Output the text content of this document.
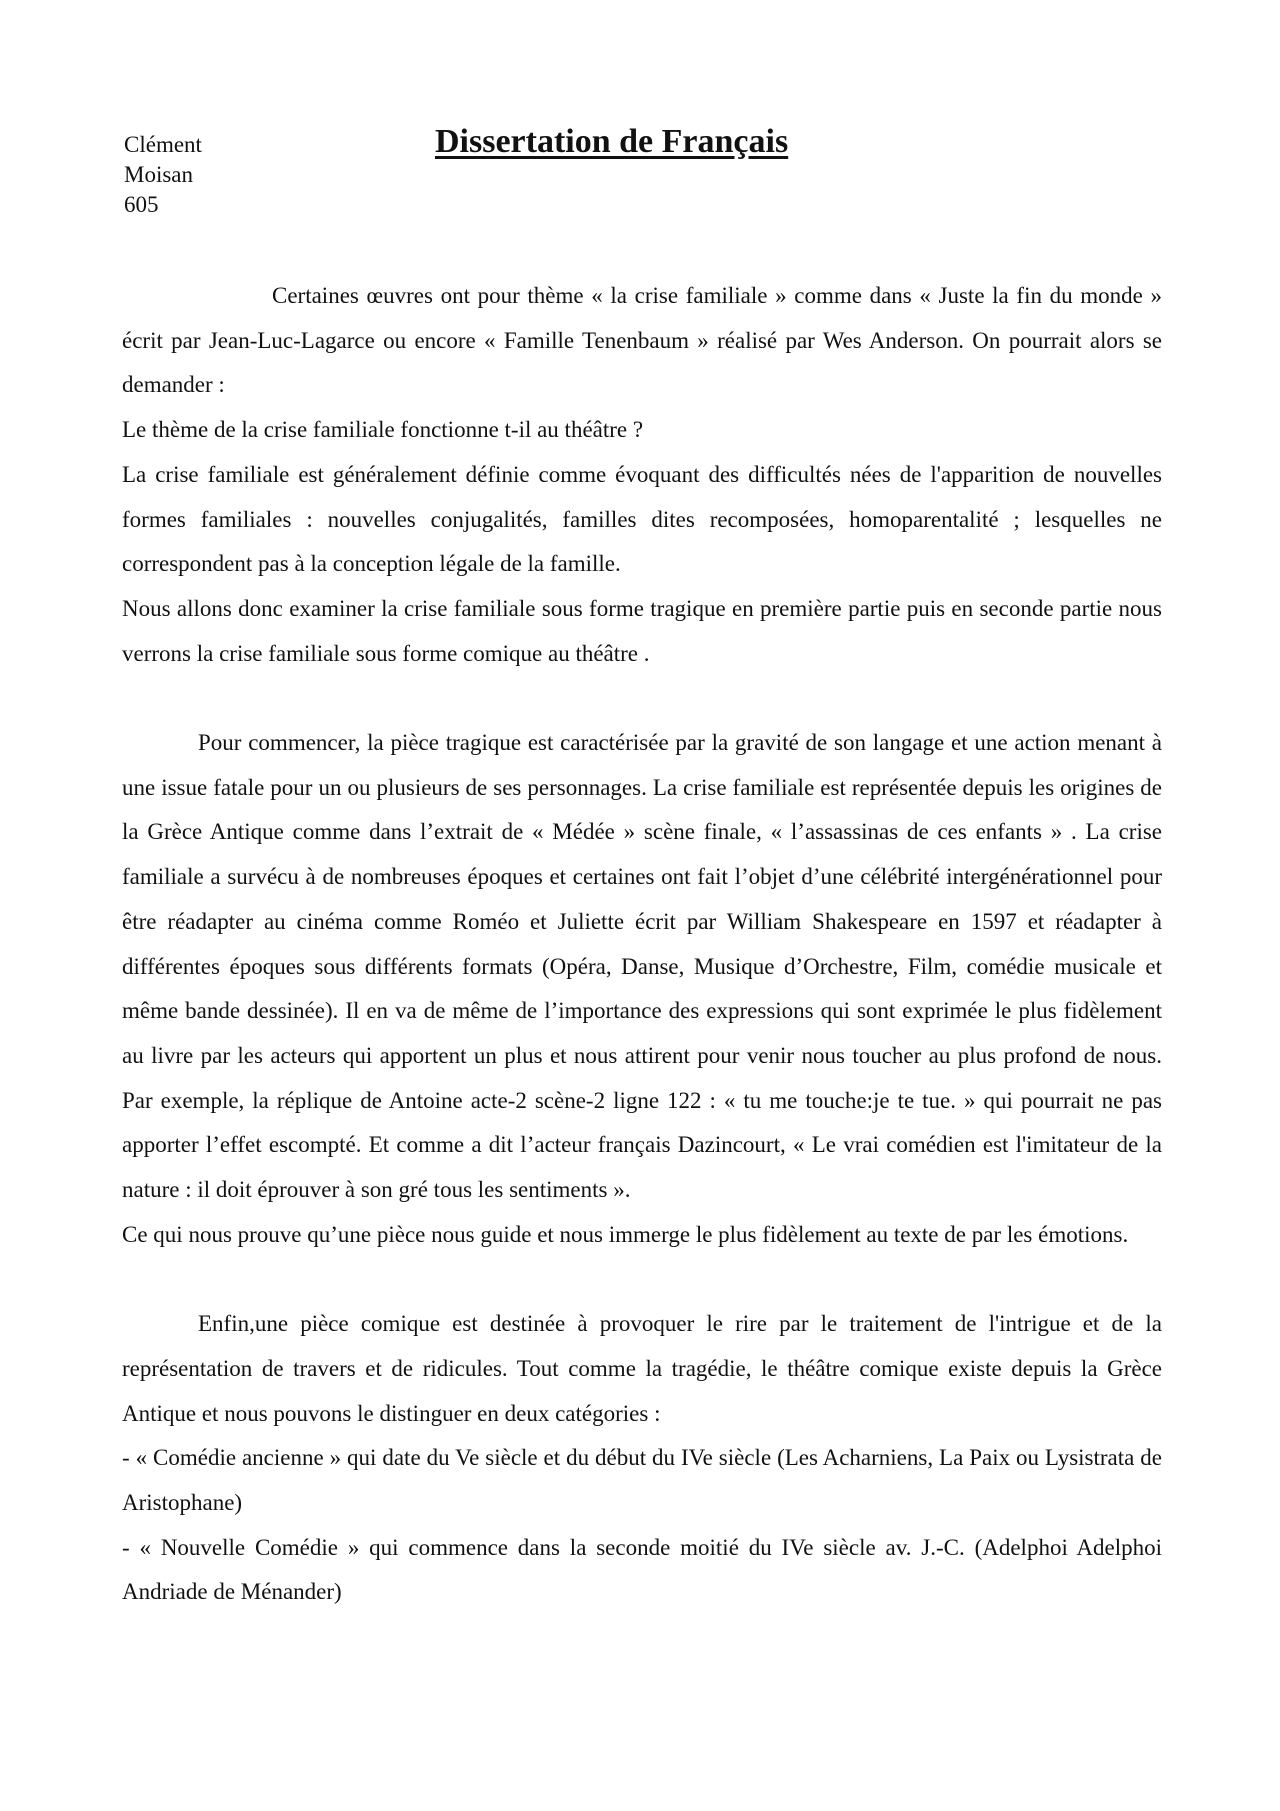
Clément
Moisan
605
Dissertation de Français

Certaines œuvres ont pour thème « la crise familiale » comme dans « Juste la fin du monde » écrit par Jean-Luc-Lagarce ou encore « Famille Tenenbaum » réalisé par Wes Anderson. On pourrait alors se demander :

Le thème de la crise familiale fonctionne t-il au théâtre ?

La crise familiale est généralement définie comme évoquant des difficultés nées de l'apparition de nouvelles formes familiales : nouvelles conjugalités, familles dites recomposées, homoparentalité ; lesquelles ne correspondent pas à la conception légale de la famille.

Nous allons donc examiner la crise familiale sous forme tragique en première partie puis en seconde partie nous verrons la crise familiale sous forme comique au théâtre .

Pour commencer, la pièce tragique est caractérisée par la gravité de son langage et une action menant à une issue fatale pour un ou plusieurs de ses personnages. La crise familiale est représentée depuis les origines de la Grèce Antique comme dans l’extrait de « Médée » scène finale, « l’assassinas de ces enfants » . La crise familiale a survécu à de nombreuses époques et certaines ont fait l’objet d’une célébrité intergénérationnel pour être réadapter au cinéma comme Roméo et Juliette écrit par William Shakespeare en 1597 et réadapter à différentes époques sous différents formats (Opéra, Danse, Musique d’Orchestre, Film, comédie musicale et même bande dessinée). Il en va de même de l’importance des expressions qui sont exprimée le plus fidèlement au livre par les acteurs qui apportent un plus et nous attirent pour venir nous toucher au plus profond de nous. Par exemple, la réplique de Antoine acte-2 scène-2 ligne 122 : « tu me touche:je te tue. » qui pourrait ne pas apporter l’effet escompté. Et comme a dit l’acteur français Dazincourt, « Le vrai comédien est l'imitateur de la nature : il doit éprouver à son gré tous les sentiments ».

Ce qui nous prouve qu’une pièce nous guide et nous immerge le plus fidèlement au texte de par les émotions.

Enfin,une pièce comique est destinée à provoquer le rire par le traitement de l'intrigue et de la représentation de travers et de ridicules. Tout comme la tragédie, le théâtre comique existe depuis la Grèce Antique et nous pouvons le distinguer en deux catégories :

- « Comédie ancienne » qui date du Ve siècle et du début du IVe siècle (Les Acharniens, La Paix ou Lysistrata de Aristophane)

- « Nouvelle Comédie » qui commence dans la seconde moitié du IVe siècle av. J.-C. (Adelphoi Adelphoi Andriade de Ménander)
